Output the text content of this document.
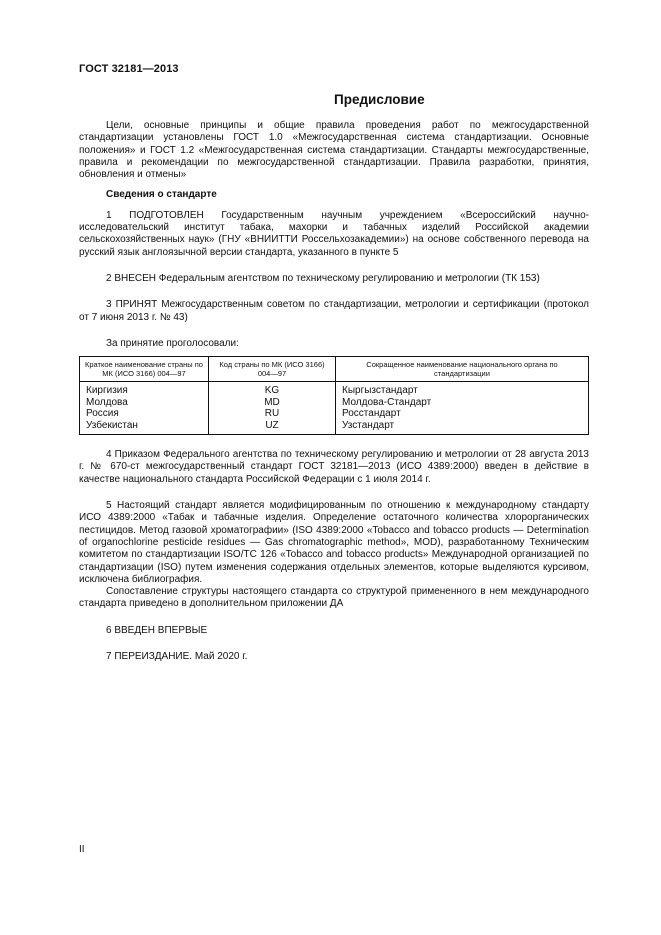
ГОСТ 32181—2013
Предисловие

Цели, основные принципы и общие правила проведения работ по межгосударственной стандартизации установлены ГОСТ 1.0 «Межгосударственная система стандартизации. Основные положения» и ГОСТ 1.2 «Межгосударственная система стандартизации. Стандарты межгосударственные, правила и рекомендации по межгосударственной стандартизации. Правила разработки, принятия, обновления и отмены»

Сведения о стандарте

1 ПОДГОТОВЛЕН Государственным научным учреждением «Всероссийский научно-исследовательский институт табака, махорки и табачных изделий Российской академии сельскохозяйственных наук» (ГНУ «ВНИИТТИ Россельхозакадемии») на основе собственного перевода на русский язык англоязычной версии стандарта, указанного в пункте 5

2 ВНЕСЕН Федеральным агентством по техническому регулированию и метрологии (ТК 153)

3 ПРИНЯТ Межгосударственным советом по стандартизации, метрологии и сертификации (протокол от 7 июня 2013 г. № 43)

За принятие проголосовали:

Краткое наименование страны по МК (ИСО 3166) 004—97	Код страны по МК (ИСО 3166) 004—97	Сокращенное наименование национального органа по стандартизации
Киргизия	KG	Кыргызстандарт
Молдова	MD	Молдова-Стандарт
Россия	RU	Росстандарт
Узбекистан	UZ	Узстандарт

4 Приказом Федерального агентства по техническому регулированию и метрологии от 28 августа 2013 г. № 670-ст межгосударственный стандарт ГОСТ 32181—2013 (ИСО 4389:2000) введен в действие в качестве национального стандарта Российской Федерации с 1 июля 2014 г.

5 Настоящий стандарт является модифицированным по отношению к международному стандарту ИСО 4389:2000 «Табак и табачные изделия. Определение остаточного количества хлорорганических пестицидов. Метод газовой хроматографии» (ISO 4389:2000 «Tobacco and tobacco products — Determination of organochlorine pesticide residues — Gas chromatographic method», MOD), разработанному Техническим комитетом по стандартизации ISO/TC 126 «Tobacco and tobacco products» Международной организацией по стандартизации (ISO) путем изменения содержания отдельных элементов, которые выделяются курсивом, исключена библиография.

Сопоставление структуры настоящего стандарта со структурой примененного в нем международного стандарта приведено в дополнительном приложении ДА

6 ВВЕДЕН ВПЕРВЫЕ

7 ПЕРЕИЗДАНИЕ. Май 2020 г.

II
